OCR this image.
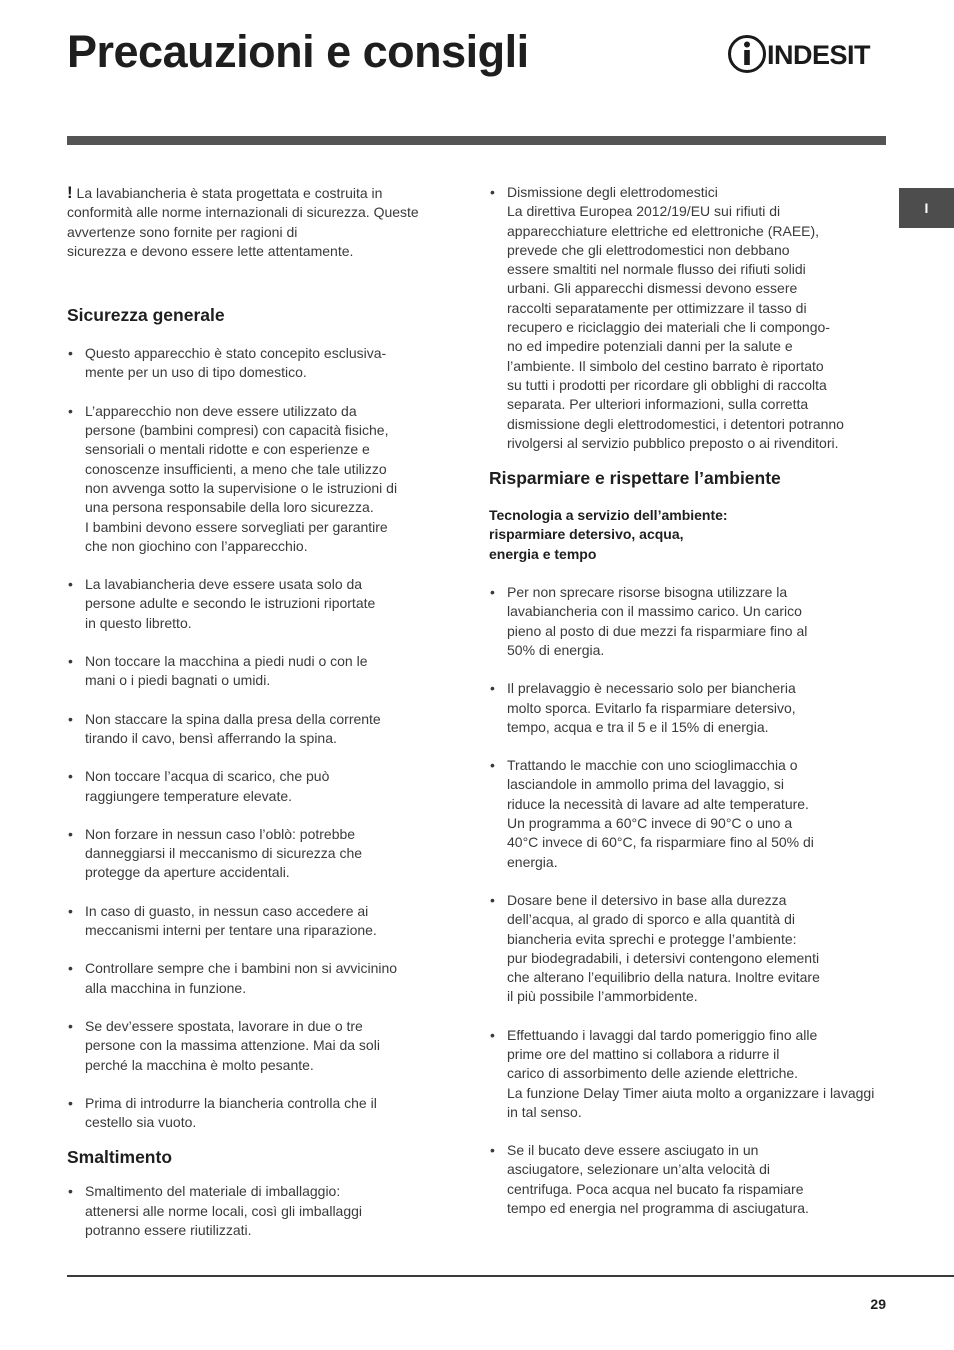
Precauzioni e consigli	INDESIT
I

! La lavabiancheria è stata progettata e costruita in
conformità alle norme internazionali di sicurezza. Queste
avvertenze sono fornite per ragioni di
sicurezza e devono essere lette attentamente.

Sicurezza generale

• Questo apparecchio è stato concepito esclusiva-
mente per un uso di tipo domestico.

• L’apparecchio non deve essere utilizzato da
persone (bambini compresi) con capacità fisiche,
sensoriali o mentali ridotte e con esperienze e
conoscenze insufficienti, a meno che tale utilizzo
non avvenga sotto la supervisione o le istruzioni di
una persona responsabile della loro sicurezza.
I bambini devono essere sorvegliati per garantire
che non giochino con l’apparecchio.

• La lavabiancheria deve essere usata solo da
persone adulte e secondo le istruzioni riportate
in questo libretto.

• Non toccare la macchina a piedi nudi o con le
mani o i piedi bagnati o umidi.

• Non staccare la spina dalla presa della corrente
tirando il cavo, bensì afferrando la spina.

• Non toccare l’acqua di scarico, che può
raggiungere temperature elevate.

• Non forzare in nessun caso l’oblò: potrebbe
danneggiarsi il meccanismo di sicurezza che
protegge da aperture accidentali.

• In caso di guasto, in nessun caso accedere ai
meccanismi interni per tentare una riparazione.

• Controllare sempre che i bambini non si avvicinino
alla macchina in funzione.

• Se dev’essere spostata, lavorare in due o tre
persone con la massima attenzione. Mai da soli
perché la macchina è molto pesante.

• Prima di introdurre la biancheria controlla che il
cestello sia vuoto.

Smaltimento

• Smaltimento del materiale di imballaggio:
attenersi alle norme locali, così gli imballaggi
potranno essere riutilizzati.

• Dismissione degli elettrodomestici
La direttiva Europea 2012/19/EU sui rifiuti di
apparecchiature elettriche ed elettroniche (RAEE),
prevede che gli elettrodomestici non debbano
essere smaltiti nel normale flusso dei rifiuti solidi
urbani. Gli apparecchi dismessi devono essere
raccolti separatamente per ottimizzare il tasso di
recupero e riciclaggio dei materiali che li compongo-
no ed impedire potenziali danni per la salute e
l’ambiente. Il simbolo del cestino barrato è riportato
su tutti i prodotti per ricordare gli obblighi di raccolta
separata. Per ulteriori informazioni, sulla corretta
dismissione degli elettrodomestici, i detentori potranno
rivolgersi al servizio pubblico preposto o ai rivenditori.

Risparmiare e rispettare l’ambiente

Tecnologia a servizio dell’ambiente:
risparmiare detersivo, acqua,
energia e tempo

• Per non sprecare risorse bisogna utilizzare la
lavabiancheria con il massimo carico. Un carico
pieno al posto di due mezzi fa risparmiare fino al
50% di energia.

• Il prelavaggio è necessario solo per biancheria
molto sporca. Evitarlo fa risparmiare detersivo,
tempo, acqua e tra il 5 e il 15% di energia.

• Trattando le macchie con uno scioglimacchia o
lasciandole in ammollo prima del lavaggio, si
riduce la necessità di lavare ad alte temperature.
Un programma a 60°C invece di 90°C o uno a
40°C invece di 60°C, fa risparmiare fino al 50% di
energia.

• Dosare bene il detersivo in base alla durezza
dell’acqua, al grado di sporco e alla quantità di
biancheria evita sprechi e protegge l’ambiente:
pur biodegradabili, i detersivi contengono elementi
che alterano l’equilibrio della natura. Inoltre evitare
il più possibile l’ammorbidente.

• Effettuando i lavaggi dal tardo pomeriggio fino alle
prime ore del mattino si collabora a ridurre il
carico di assorbimento delle aziende elettriche.
La funzione Delay Timer aiuta molto a organizzare i lavaggi
in tal senso.

• Se il bucato deve essere asciugato in un
asciugatore, selezionare un’alta velocità di
centrifuga. Poca acqua nel bucato fa rispamiare
tempo ed energia nel programma di asciugatura.

29
